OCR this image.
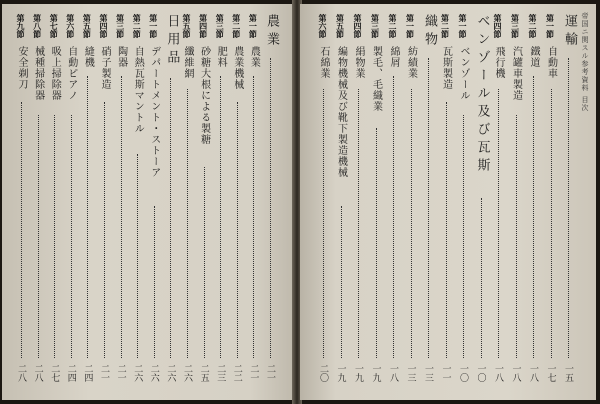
農業
二一
第一節
農業
二一
第二節
農業機械
二二
第三節
肥料
二三
第四節
砂糖大根による製糖
二五
第五節
纖維網
二六
日用品
二六
第一節
デパートメント・ストーア
二六
第二節
自熱瓦斯マントル
二六
第三節
陶器
二一
第四節
硝子製造
二一
第五節
縫機
二四
第六節
自動ピアノ
二四
第七節
吸上掃除器
二七
第八節
械種掃除器
二八
第九節
安全剃刀
二八
帝国ニ関スル参考資料
目次
運輸
一五
第一節
自動車
一七
第二節
鐵道
一八
第三節
汽罐車製造
一八
第四節
飛行機
一八
ベンゾール及び瓦斯
一〇
第一節
ベンゾール
一〇
第二節
瓦斯製造
一一
織物
一三
第一節
紡績業
一三
第二節
綿屑
一八
第三節
製毛、毛織業
一九
第四節
絹物業
一九
第五節
編物機械及び靴下製造機械
一九
第六節
石綿業
二〇
